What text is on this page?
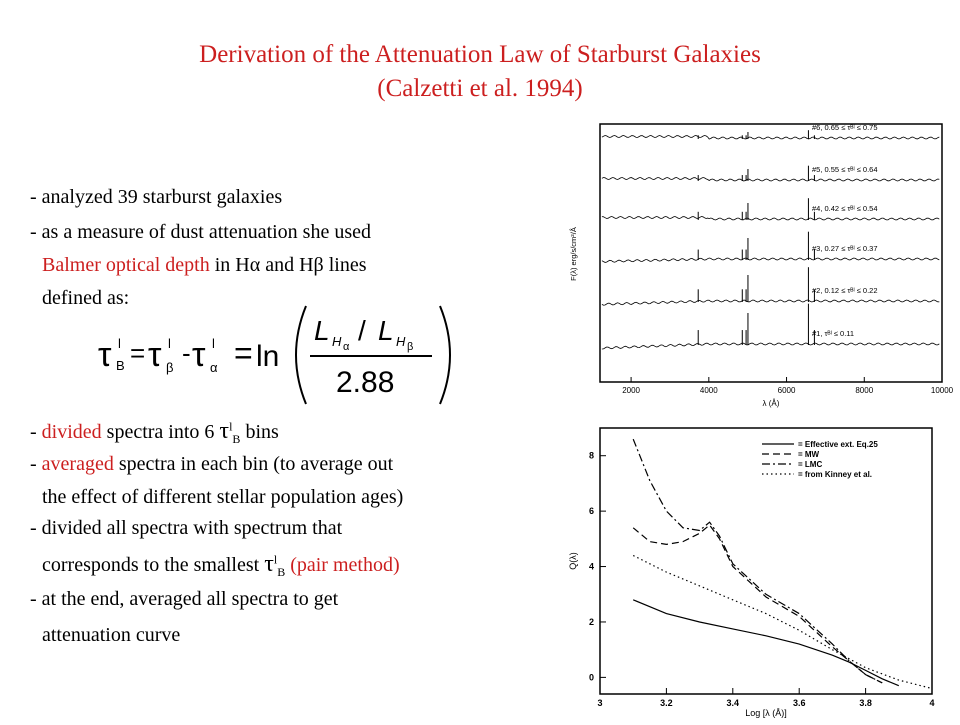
Derivation of the Attenuation Law of Starburst Galaxies
(Calzetti et al. 1994)
- analyzed 39 starburst galaxies
- as a measure of dust attenuation she used
Balmer optical depth in Hα and Hβ lines
defined as:
τ l
B = τ l
β - τ l
α = ln
L H α
/ L H β
2.88
- divided spectra into 6 $\tau^l_B$ bins
- averaged spectra in each bin (to average out
the effect of different stellar population ages)
- divided all spectra with spectrum that
corresponds to the smallest $\tau^l_B$ (pair method)
- at the end, averaged all spectra to get
attenuation curve
#6, 0.65 ≤ τᴮˡ ≤ 0.75
#5, 0.55 ≤ τᴮˡ ≤ 0.64
#4, 0.42 ≤ τᴮˡ ≤ 0.54
#3, 0.27 ≤ τᴮˡ ≤ 0.37
#2, 0.12 ≤ τᴮˡ ≤ 0.22
#1, τᴮˡ ≤ 0.11
2000	4000	6000	8000	10000
F(λ) erg/s/cm²/Å
λ (Å)
3	3.2	3.4	3.6	3.8	4
0
2
4
6
8
= Effective ext. Eq.25
= MW
= LMC
= from Kinney et al.
Q(λ)
Log [λ (Å)]
